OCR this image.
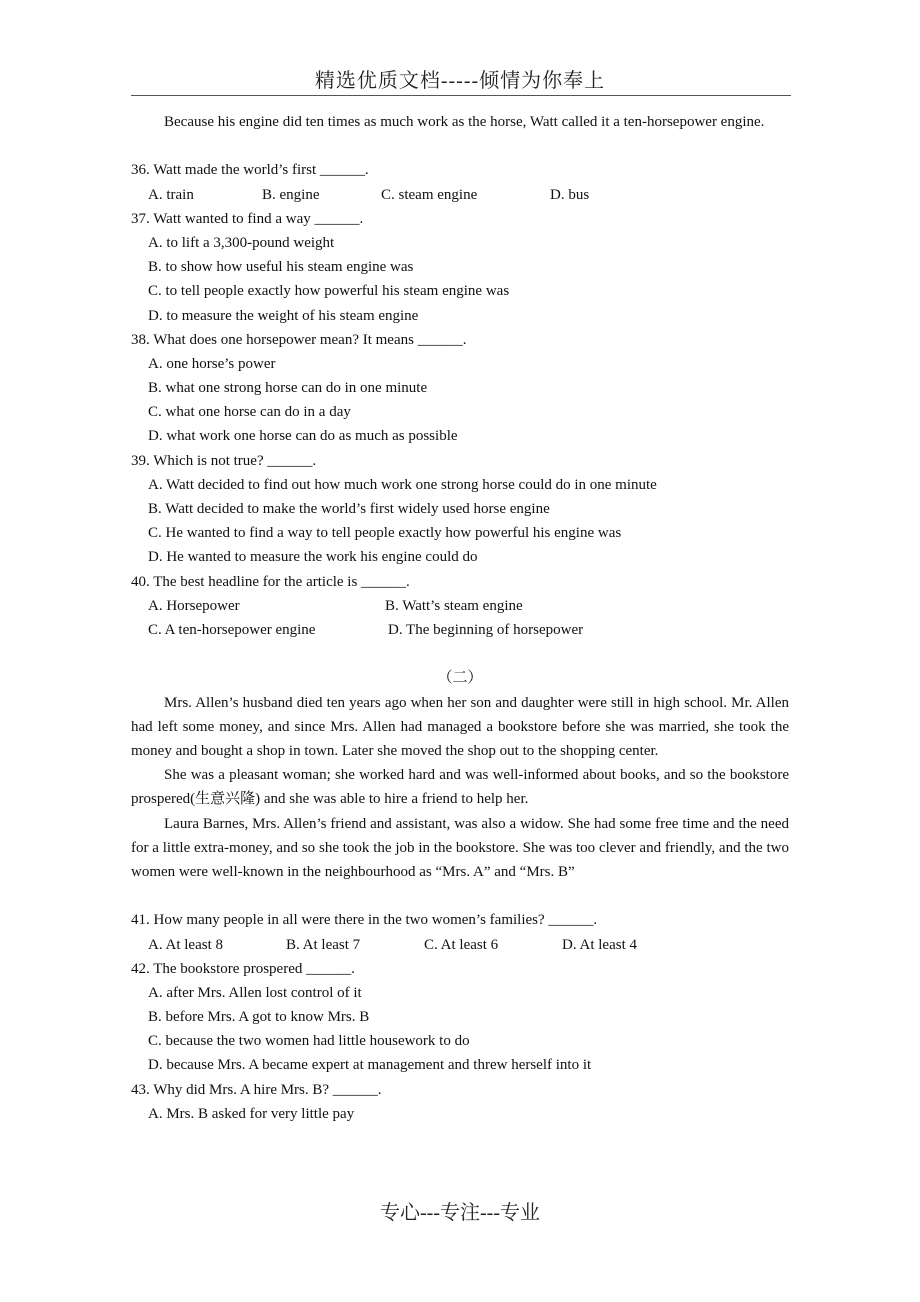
精选优质文档-----倾情为你奉上
Because his engine did ten times as much work as the horse, Watt called it a ten-horsepower engine.
36. Watt made the world’s first ______.
A. train	B. engine	C. steam engine	D. bus
37. Watt wanted to find a way ______.
A. to lift a 3,300-pound weight
B. to show how useful his steam engine was
C. to tell people exactly how powerful his steam engine was
D. to measure the weight of his steam engine
38. What does one horsepower mean? It means ______.
A. one horse’s power
B. what one strong horse can do in one minute
C. what one horse can do in a day
D. what work one horse can do as much as possible
39. Which is not true? ______.
A. Watt decided to find out how much work one strong horse could do in one minute
B. Watt decided to make the world’s first widely used horse engine
C. He wanted to find a way to tell people exactly how powerful his engine was
D. He wanted to measure the work his engine could do
40. The best headline for the article is ______.
A. Horsepower	B. Watt’s steam engine
C. A ten-horsepower engine	D. The beginning of horsepower
（二）
Mrs. Allen’s husband died ten years ago when her son and daughter were still in high school. Mr. Allen had left some money, and since Mrs. Allen had managed a bookstore before she was married, she took the money and bought a shop in town. Later she moved the shop out to the shopping center.
She was a pleasant woman; she worked hard and was well-informed about books, and so the bookstore prospered(生意兴隆) and she was able to hire a friend to help her.
Laura Barnes, Mrs. Allen’s friend and assistant, was also a widow. She had some free time and the need for a little extra-money, and so she took the job in the bookstore. She was too clever and friendly, and the two women were well-known in the neighbourhood as “Mrs. A” and “Mrs. B”
41. How many people in all were there in the two women’s families? ______.
A. At least 8	B. At least 7	C. At least 6	D. At least 4
42. The bookstore prospered ______.
A. after Mrs. Allen lost control of it
B. before Mrs. A got to know Mrs. B
C. because the two women had little housework to do
D. because Mrs. A became expert at management and threw herself into it
43. Why did Mrs. A hire Mrs. B? ______.
A. Mrs. B asked for very little pay
专心---专注---专业
